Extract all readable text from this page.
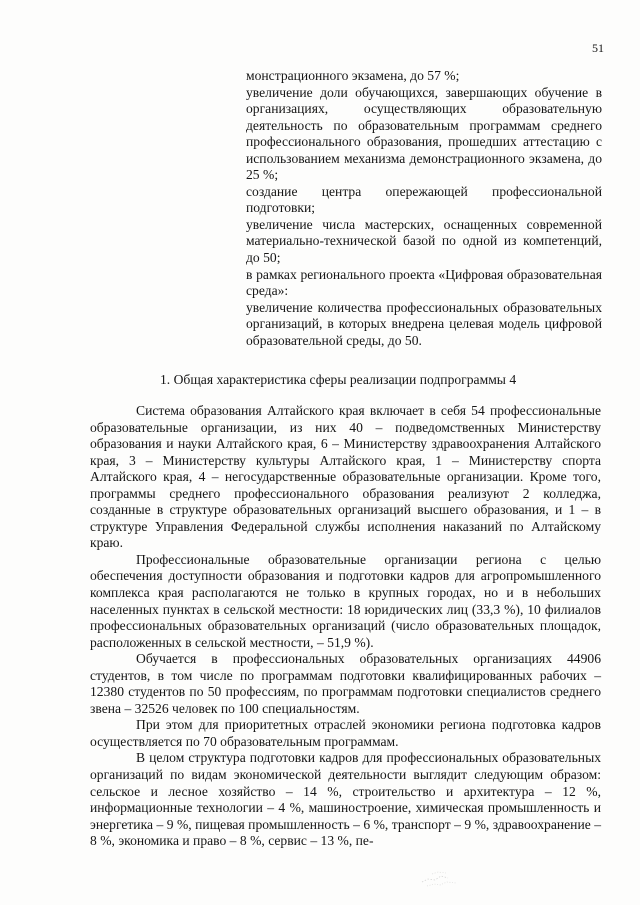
51

монстрационного экзамена, до 57 %;

увеличение доли обучающихся, завершающих обучение в организациях, осуществляющих образовательную деятельность по образовательным программам среднего профессионального образования, прошедших аттестацию с использованием механизма демонстрационного экзамена, до 25 %;

создание центра опережающей профессиональной подготовки;

увеличение числа мастерских, оснащенных современной материально-технической базой по одной из компетенций, до 50;

в рамках регионального проекта «Цифровая образовательная среда»:

увеличение количества профессиональных образовательных организаций, в которых внедрена целевая модель цифровой образовательной среды, до 50.

1. Общая характеристика сферы реализации подпрограммы 4

Система образования Алтайского края включает в себя 54 профессиональные образовательные организации, из них 40 – подведомственных Министерству образования и науки Алтайского края, 6 – Министерству здравоохранения Алтайского края, 3 – Министерству культуры Алтайского края, 1 – Министерству спорта Алтайского края, 4 – негосударственные образовательные организации. Кроме того, программы среднего профессионального образования реализуют 2 колледжа, созданные в структуре образовательных организаций высшего образования, и 1 – в структуре Управления Федеральной службы исполнения наказаний по Алтайскому краю.

Профессиональные образовательные организации региона с целью обеспечения доступности образования и подготовки кадров для агропромышленного комплекса края располагаются не только в крупных городах, но и в небольших населенных пунктах в сельской местности: 18 юридических лиц (33,3 %), 10 филиалов профессиональных образовательных организаций (число образовательных площадок, расположенных в сельской местности, – 51,9 %).

Обучается в профессиональных образовательных организациях 44906 студентов, в том числе по программам подготовки квалифицированных рабочих – 12380 студентов по 50 профессиям, по программам подготовки специалистов среднего звена – 32526 человек по 100 специальностям.

При этом для приоритетных отраслей экономики региона подготовка кадров осуществляется по 70 образовательным программам.

В целом структура подготовки кадров для профессиональных образовательных организаций по видам экономической деятельности выглядит следующим образом: сельское и лесное хозяйство – 14 %, строительство и архитектура – 12 %, информационные технологии – 4 %, машиностроение, химическая промышленность и энергетика – 9 %, пищевая промышленность – 6 %, транспорт – 9 %, здравоохранение – 8 %, экономика и право – 8 %, сервис – 13 %, пе-
